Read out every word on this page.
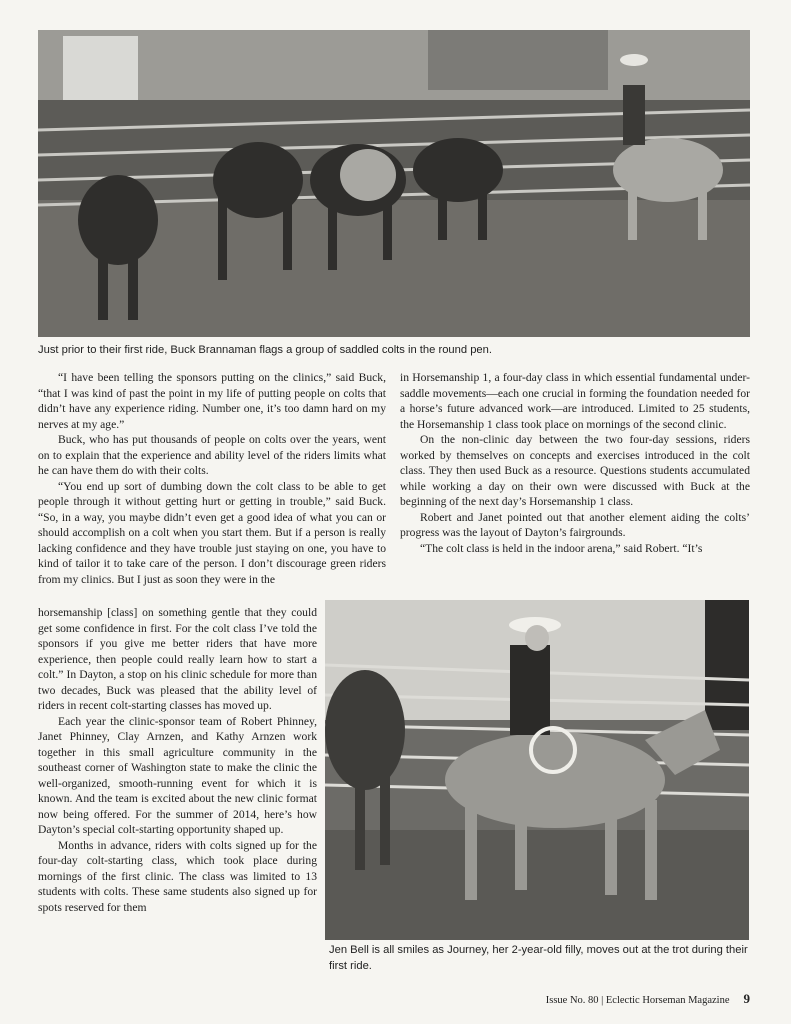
Just prior to their first ride, Buck Brannaman flags a group of saddled colts in the round pen.

“I have been telling the sponsors putting on the clinics,” said Buck, “that I was kind of past the point in my life of putting people on colts that didn’t have any experience riding. Number one, it’s too damn hard on my nerves at my age.”

Buck, who has put thousands of people on colts over the years, went on to explain that the experience and ability level of the riders limits what he can have them do with their colts.

“You end up sort of dumbing down the colt class to be able to get people through it without getting hurt or getting in trouble,” said Buck. “So, in a way, you maybe didn’t even get a good idea of what you can or should accomplish on a colt when you start them. But if a person is really lacking confidence and they have trouble just staying on one, you have to kind of tailor it to take care of the person. I don’t discourage green riders from my clinics. But I just as soon they were in the

horsemanship [class] on something gentle that they could get some confidence in first. For the colt class I’ve told the sponsors if you give me better riders that have more experience, then people could really learn how to start a colt.” In Dayton, a stop on his clinic schedule for more than two decades, Buck was pleased that the ability level of riders in recent colt-starting classes has moved up.

Each year the clinic-sponsor team of Robert Phinney, Janet Phinney, Clay Arnzen, and Kathy Arnzen work together in this small agriculture community in the southeast corner of Washington state to make the clinic the well-organized, smooth-running event for which it is known. And the team is excited about the new clinic format now being offered. For the summer of 2014, here’s how Dayton’s special colt-starting opportunity shaped up.

Months in advance, riders with colts signed up for the four-day colt-starting class, which took place during mornings of the first clinic. The class was limited to 13 students with colts. These same students also signed up for spots reserved for them

in Horsemanship 1, a four-day class in which essential fundamental under-saddle movements—each one crucial in forming the foundation needed for a horse’s future advanced work—are introduced. Limited to 25 students, the Horsemanship 1 class took place on mornings of the second clinic.

On the non-clinic day between the two four-day sessions, riders worked by themselves on concepts and exercises introduced in the colt class. They then used Buck as a resource. Questions students accumulated while working a day on their own were discussed with Buck at the beginning of the next day’s Horsemanship 1 class.

Robert and Janet pointed out that another element aiding the colts’ progress was the layout of Dayton’s fairgrounds.

“The colt class is held in the indoor arena,” said Robert. “It’s

Jen Bell is all smiles as Journey, her 2-year-old filly, moves out at the trot during their first ride.
Issue No. 80 | Eclectic Horseman Magazine 9
